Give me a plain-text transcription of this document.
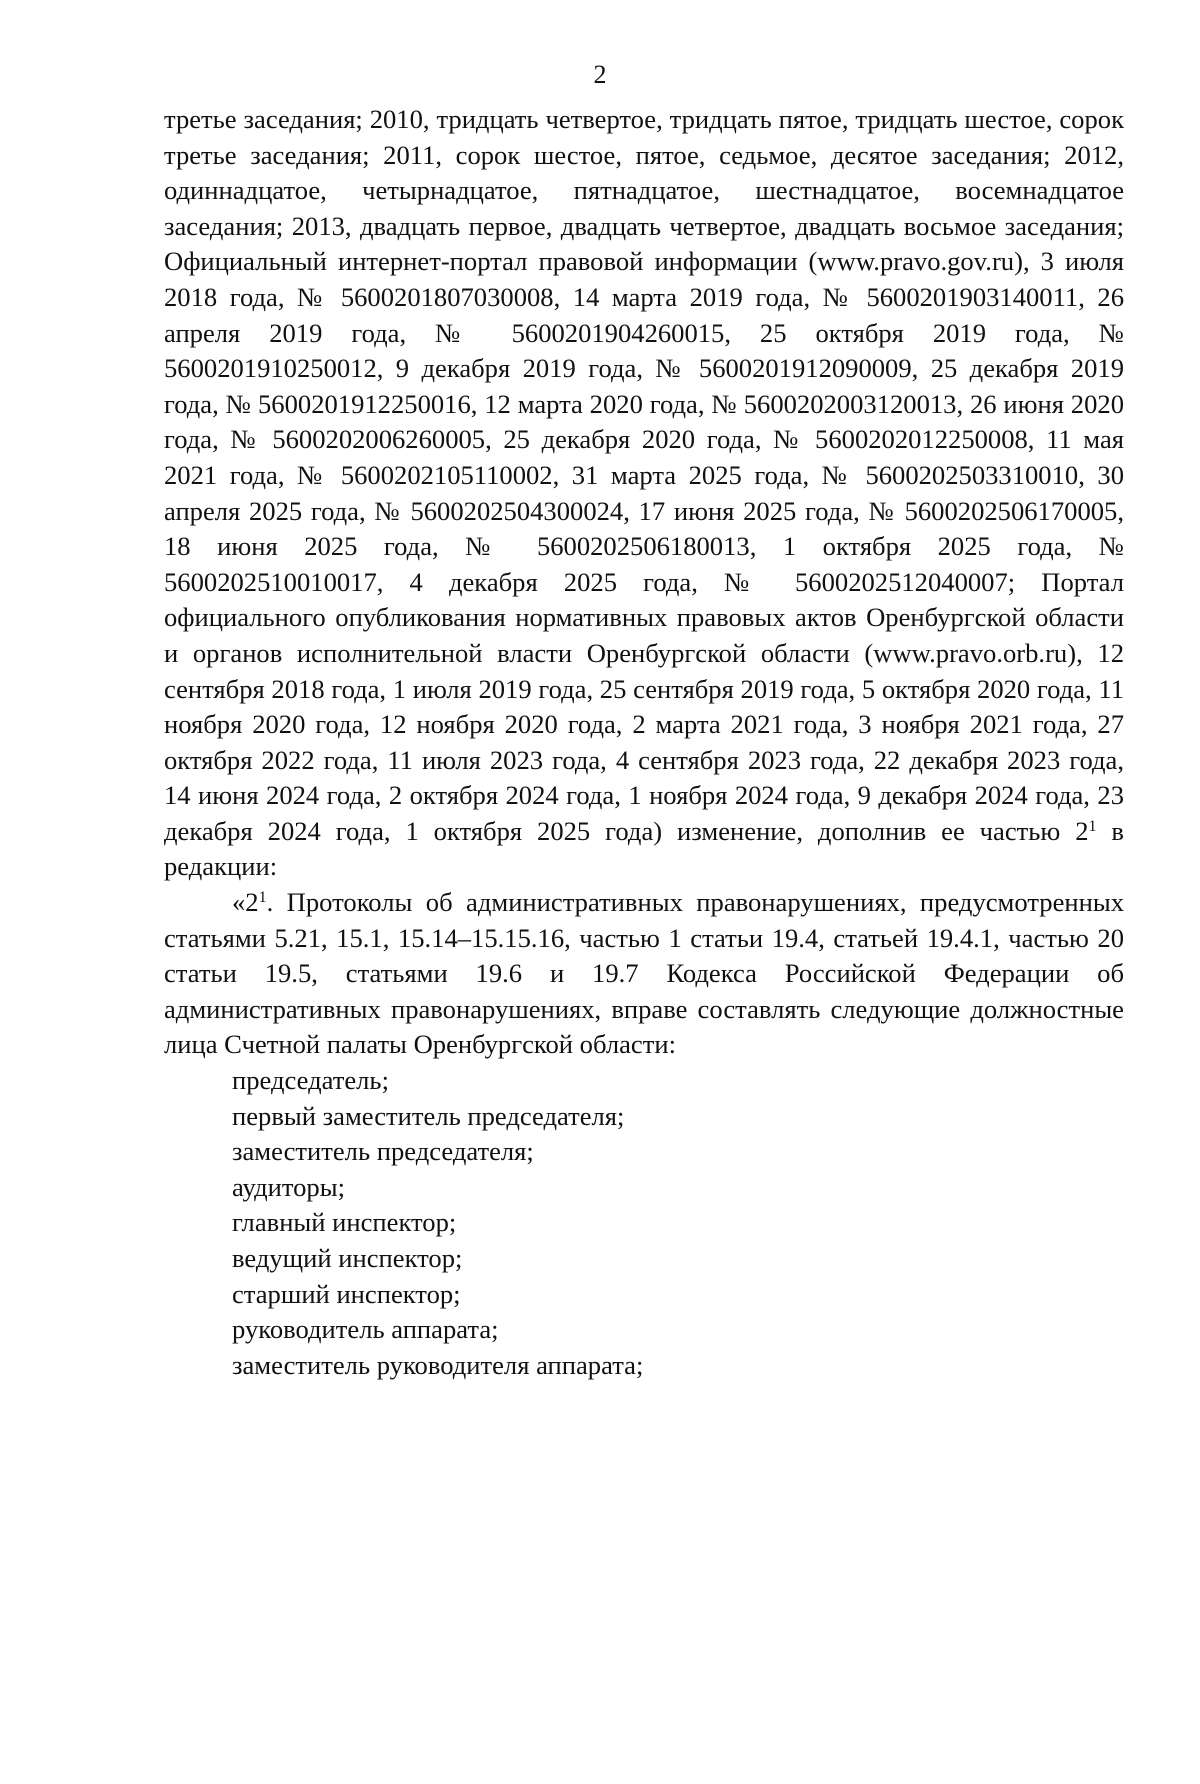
2

третье заседания; 2010, тридцать четвертое, тридцать пятое, тридцать шестое, сорок третье заседания; 2011, сорок шестое, пятое, седьмое, десятое заседания; 2012, одиннадцатое, четырнадцатое, пятнадцатое, шестнадцатое, восемнадцатое заседания; 2013, двадцать первое, двадцать четвертое, двадцать восьмое заседания; Официальный интернет-портал правовой информации (www.pravo.gov.ru), 3 июля 2018 года, № 5600201807030008, 14 марта 2019 года, № 5600201903140011, 26 апреля 2019 года, № 5600201904260015, 25 октября 2019 года, № 5600201910250012, 9 декабря 2019 года, № 5600201912090009, 25 декабря 2019 года, № 5600201912250016, 12 марта 2020 года, № 5600202003120013, 26 июня 2020 года, № 5600202006260005, 25 декабря 2020 года, № 5600202012250008, 11 мая 2021 года, № 5600202105110002, 31 марта 2025 года, № 5600202503310010, 30 апреля 2025 года, № 5600202504300024, 17 июня 2025 года, № 5600202506170005, 18 июня 2025 года, № 5600202506180013, 1 октября 2025 года, № 5600202510010017, 4 декабря 2025 года, № 5600202512040007; Портал официального опубликования нормативных правовых актов Оренбургской области и органов исполнительной власти Оренбургской области (www.pravo.orb.ru), 12 сентября 2018 года, 1 июля 2019 года, 25 сентября 2019 года, 5 октября 2020 года, 11 ноября 2020 года, 12 ноября 2020 года, 2 марта 2021 года, 3 ноября 2021 года, 27 октября 2022 года, 11 июля 2023 года, 4 сентября 2023 года, 22 декабря 2023 года, 14 июня 2024 года, 2 октября 2024 года, 1 ноября 2024 года, 9 декабря 2024 года, 23 декабря 2024 года, 1 октября 2025 года) изменение, дополнив ее частью $2^1$ в редакции:

«$2^1$. Протоколы об административных правонарушениях, предусмотренных статьями 5.21, 15.1, 15.14–15.15.16, частью 1 статьи 19.4, статьей 19.4.1, частью 20 статьи 19.5, статьями 19.6 и 19.7 Кодекса Российской Федерации об административных правонарушениях, вправе составлять следующие должностные лица Счетной палаты Оренбургской области:

председатель;
первый заместитель председателя;
заместитель председателя;
аудиторы;
главный инспектор;
ведущий инспектор;
старший инспектор;
руководитель аппарата;
заместитель руководителя аппарата;
